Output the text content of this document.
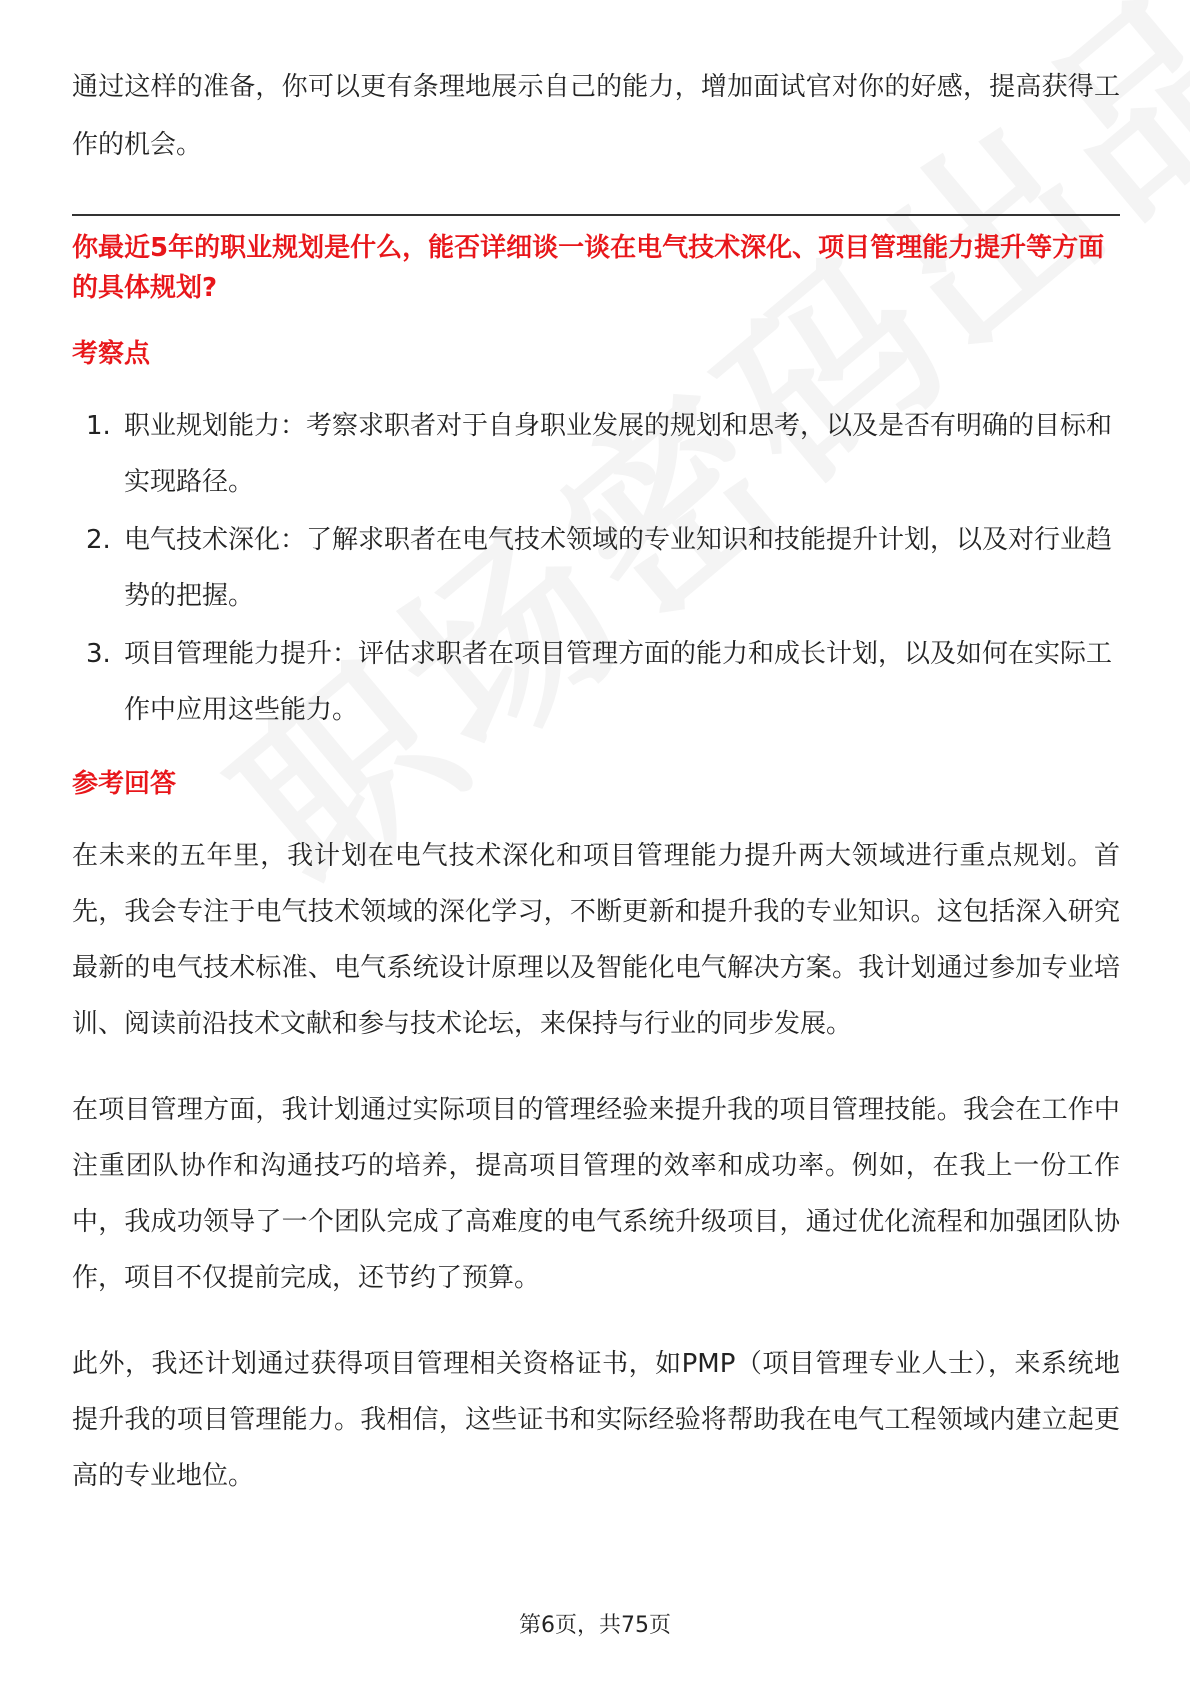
通过这样的准备，你可以更有条理地展示自己的能力，增加面试官对你的好感，提高获得工作的机会。

你最近5年的职业规划是什么，能否详细谈一谈在电气技术深化、项目管理能力提升等方面的具体规划?

考察点
1. 职业规划能力：考察求职者对于自身职业发展的规划和思考，以及是否有明确的目标和实现路径。
2. 电气技术深化：了解求职者在电气技术领域的专业知识和技能提升计划，以及对行业趋势的把握。
3. 项目管理能力提升：评估求职者在项目管理方面的能力和成长计划，以及如何在实际工作中应用这些能力。
参考回答

在未来的五年里，我计划在电气技术深化和项目管理能力提升两大领域进行重点规划。首先，我会专注于电气技术领域的深化学习，不断更新和提升我的专业知识。这包括深入研究最新的电气技术标准、电气系统设计原理以及智能化电气解决方案。我计划通过参加专业培训、阅读前沿技术文献和参与技术论坛，来保持与行业的同步发展。

在项目管理方面，我计划通过实际项目的管理经验来提升我的项目管理技能。我会在工作中注重团队协作和沟通技巧的培养，提高项目管理的效率和成功率。例如，在我上一份工作中，我成功领导了一个团队完成了高难度的电气系统升级项目，通过优化流程和加强团队协作，项目不仅提前完成，还节约了预算。

此外，我还计划通过获得项目管理相关资格证书，如PMP（项目管理专业人士），来系统地提升我的项目管理能力。我相信，这些证书和实际经验将帮助我在电气工程领域内建立起更高的专业地位。

第6页，共75页
